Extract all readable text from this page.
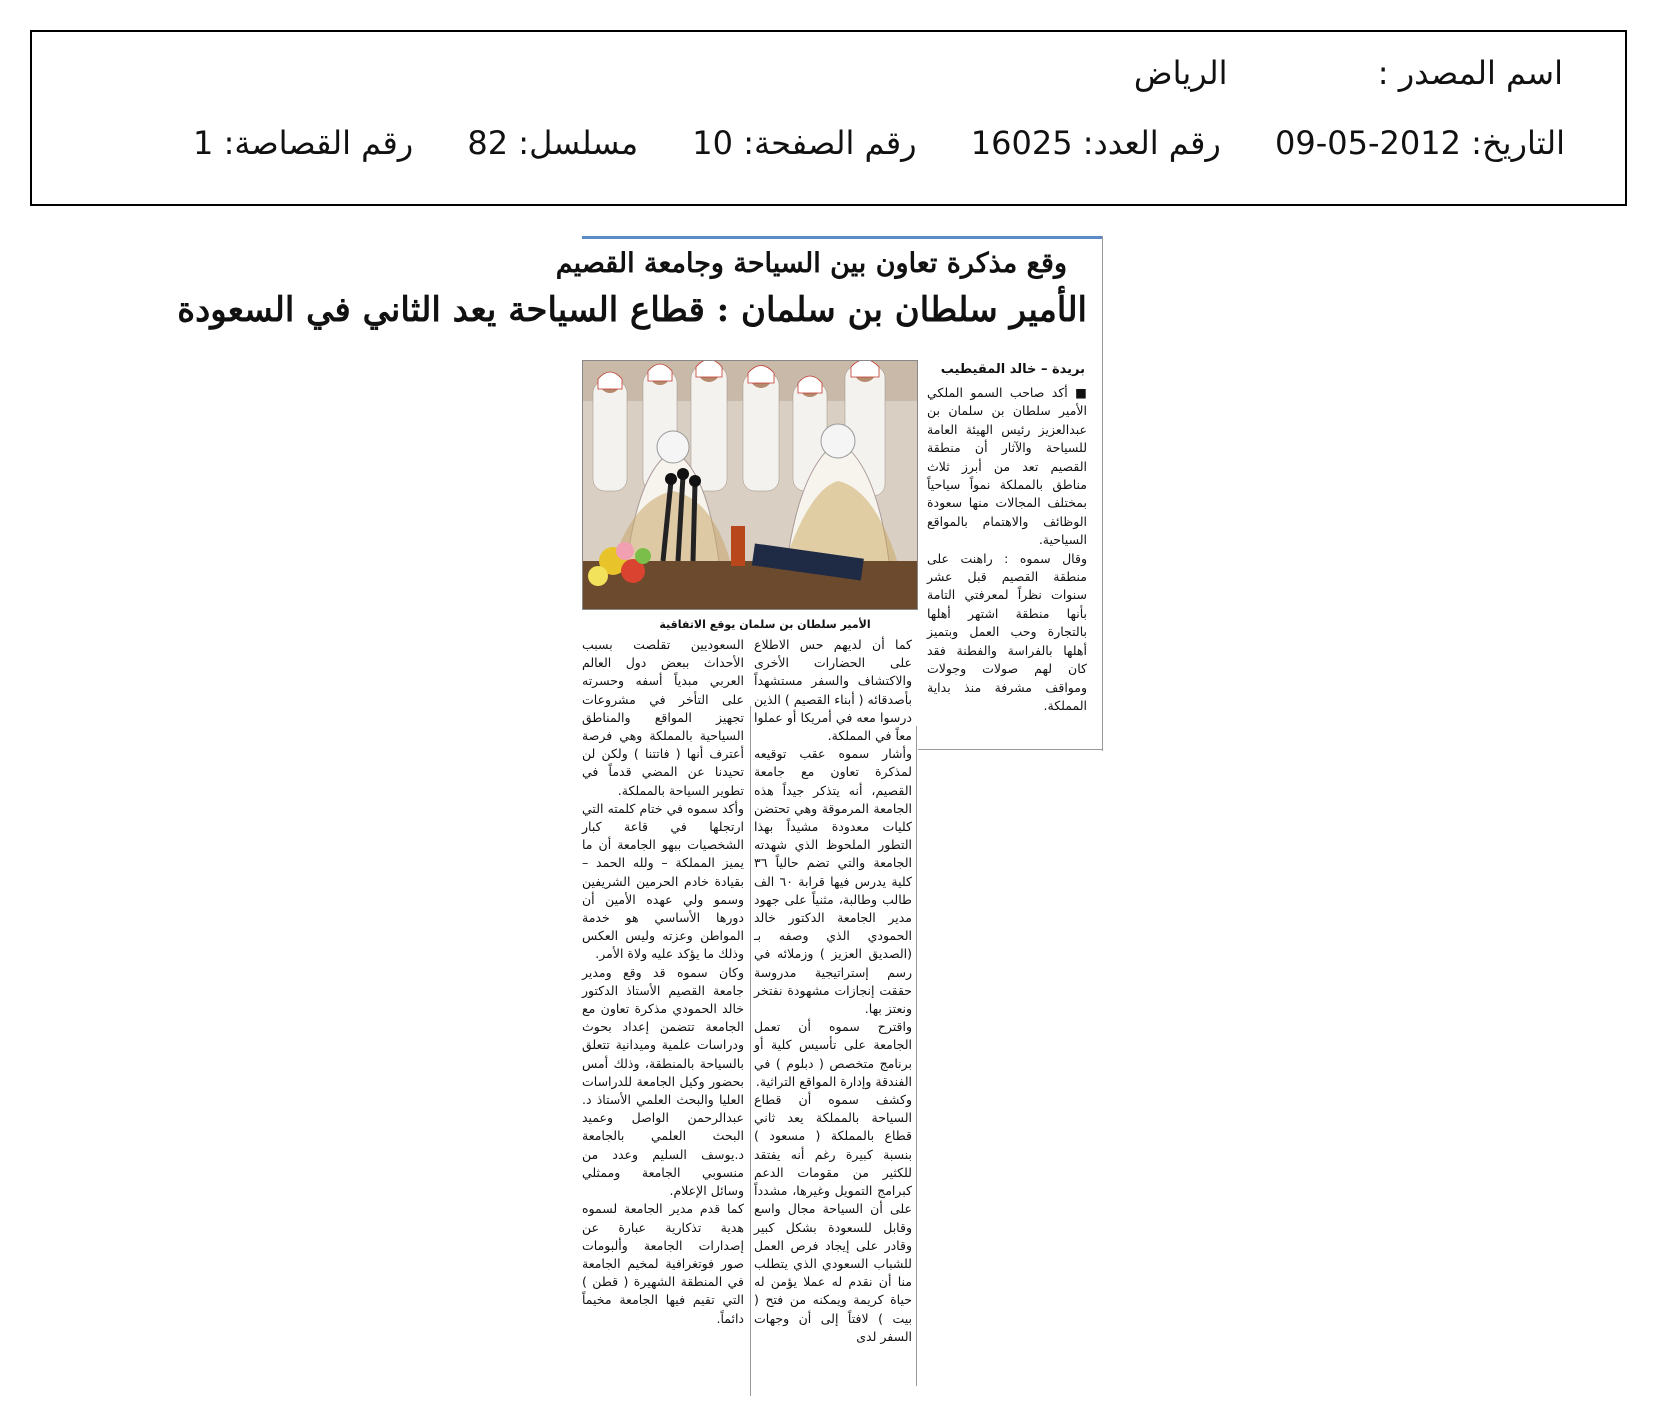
اسم المصدر : الرياض
التاريخ: 2012-05-09 رقم العدد: 16025 رقم الصفحة: 10 مسلسل: 82 رقم القصاصة: 1
وقع مذكرة تعاون بين السياحة وجامعة القصيم
الأمير سلطان بن سلمان : قطاع السياحة يعد الثاني في السعودة
الأمير سلطان بن سلمان يوقع الاتفاقية
بريدة – خالد المقيطيب

■ أكد صاحب السمو الملكي الأمير سلطان بن سلمان بن عبدالعزيز رئيس الهيئة العامة للسياحة والآثار أن منطقة القصيم تعد من أبرز ثلاث مناطق بالمملكة نمواً سياحياً بمختلف المجالات منها سعودة الوظائف والاهتمام بالمواقع السياحية.
وقال سموه : راهنت على منطقة القصيم قبل عشر سنوات نظراً لمعرفتي التامة بأنها منطقة اشتهر أهلها بالتجارة وحب العمل وبتميز أهلها بالفراسة والفطنة فقد كان لهم صولات وجولات ومواقف مشرفة منذ بداية المملكة.

كما أن لديهم حس الاطلاع على الحضارات الأخرى والاكتشاف والسفر مستشهداً بأصدقائه ( أبناء القصيم ) الذين درسوا معه في أمريكا أو عملوا معاً في المملكة.
وأشار سموه عقب توقيعه لمذكرة تعاون مع جامعة القصيم، أنه يتذكر جيداً هذه الجامعة المرموقة وهي تحتضن كليات معدودة مشيداً بهذا التطور الملحوظ الذي شهدته الجامعة والتي تضم حالياً ٣٦ كلية يدرس فيها قرابة ٦٠ الف طالب وطالبة، مثنياً على جهود مدير الجامعة الدكتور خالد الحمودي الذي وصفه بـ (الصديق العزيز ) وزملائه في رسم إستراتيجية مدروسة حققت إنجازات مشهودة نفتخر ونعتز بها.
واقترح سموه أن تعمل الجامعة على تأسيس كلية أو برنامج متخصص ( دبلوم ) في الفندقة وإدارة المواقع التراثية.
وكشف سموه أن قطاع السياحة بالمملكة يعد ثاني قطاع بالمملكة ( مسعود ) بنسبة كبيرة رغم أنه يفتقد للكثير من مقومات الدعم كبرامج التمويل وغيرها، مشدداً على أن السياحة مجال واسع وقابل للسعودة بشكل كبير وقادر على إيجاد فرص العمل للشباب السعودي الذي يتطلب منا أن نقدم له عملا يؤمن له حياة كريمة ويمكنه من فتح ( بيت ) لافتاً إلى أن وجهات السفر لدى

السعوديين تقلصت بسبب الأحداث ببعض دول العالم العربي مبدياً أسفه وحسرته على التأخر في مشروعات تجهيز المواقع والمناطق السياحية بالمملكة وهي فرصة أعترف أنها ( فاتتنا ) ولكن لن تحيدنا عن المضي قدماً في تطوير السياحة بالمملكة.
وأكد سموه في ختام كلمته التي ارتجلها في قاعة كبار الشخصيات ببهو الجامعة أن ما يميز المملكة – ولله الحمد – بقيادة خادم الحرمين الشريفين وسمو ولي عهده الأمين أن دورها الأساسي هو خدمة المواطن وعزته وليس العكس وذلك ما يؤكد عليه ولاة الأمر.
وكان سموه قد وقع ومدير جامعة القصيم الأستاذ الدكتور خالد الحمودي مذكرة تعاون مع الجامعة تتضمن إعداد بحوث ودراسات علمية وميدانية تتعلق بالسياحة بالمنطقة، وذلك أمس بحضور وكيل الجامعة للدراسات العليا والبحث العلمي الأستاذ د. عبدالرحمن الواصل وعميد البحث العلمي بالجامعة د.يوسف السليم وعدد من منسوبي الجامعة وممثلي وسائل الإعلام.
كما قدم مدير الجامعة لسموه هدية تذكارية عبارة عن إصدارات الجامعة وألبومات صور فوتغرافية لمخيم الجامعة في المنطقة الشهيرة ( قطن ) التي تقيم فيها الجامعة مخيماً دائماً.
